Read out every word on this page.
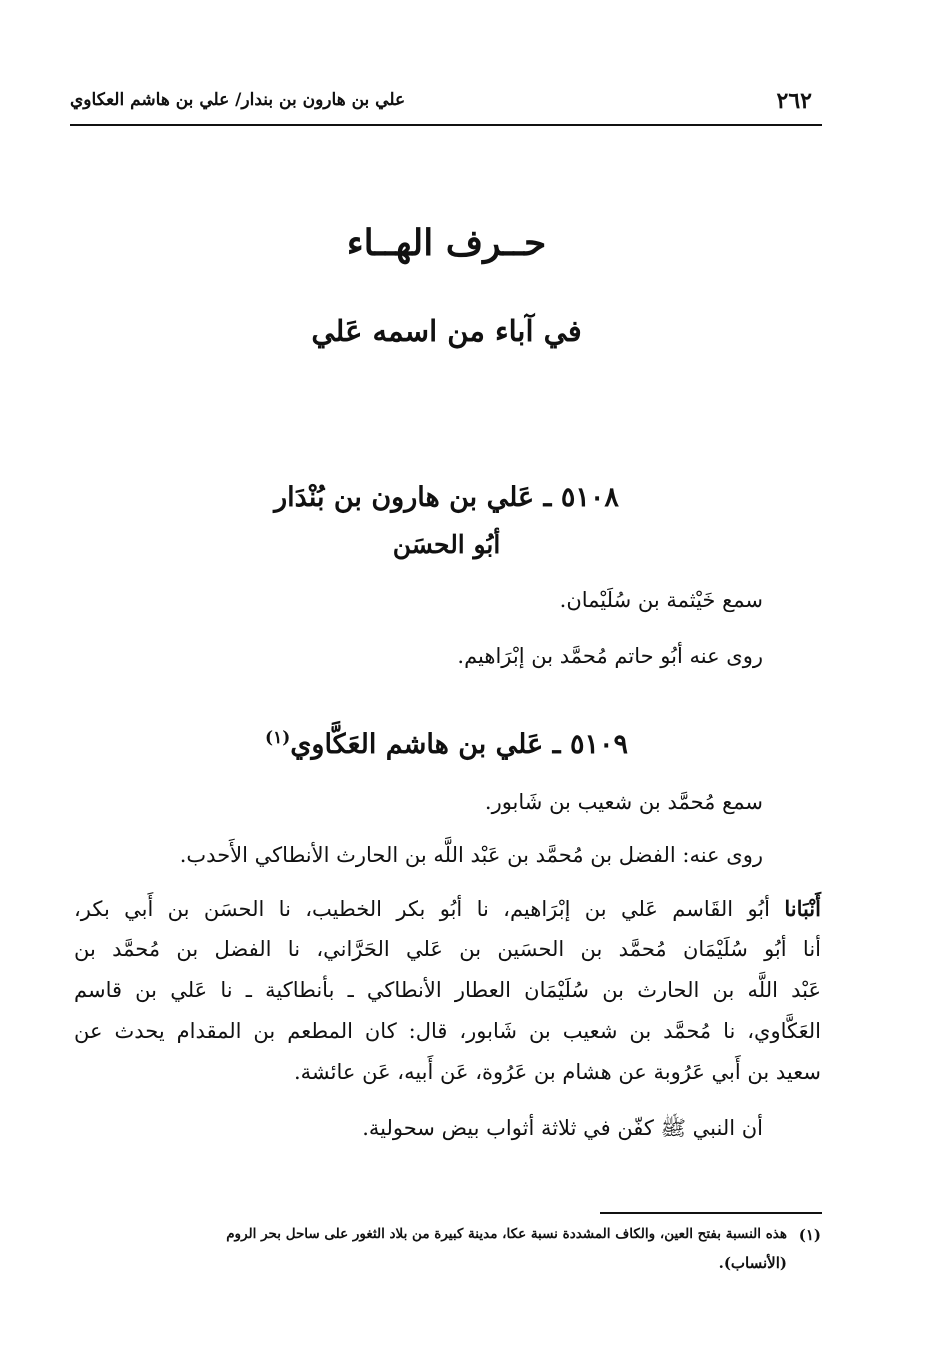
٢٦٢
علي بن هارون بن بندار/ علي بن هاشم العكاوي
حــرف الهــاء
في آباء من اسمه عَلي
٥١٠٨ ـ عَلي بن هارون بن بُنْدَار
أبُو الحسَن
سمع خَيْثمة بن سُلَيْمان.
روى عنه أبُو حاتم مُحمَّد بن إبْرَاهيم.
٥١٠٩ ـ عَلي بن هاشم العَكَّاوي$^{(١)}$
سمع مُحمَّد بن شعيب بن شَابور.
روى عنه: الفضل بن مُحمَّد بن عَبْد اللَّه بن الحارث الأنطاكي الأَحدب.
أَنْبَانا أبُو القَاسم عَلي بن إبْرَاهيم، نا أبُو بكر الخطيب، نا الحسَن بن أَبي بكر،
أنا أبُو سُلَيْمَان مُحمَّد بن الحسَين بن عَلي الحَرَّاني، نا الفضل بن مُحمَّد بن
عَبْد اللَّه بن الحارث بن سُلَيْمَان العطار الأنطاكي ـ بأنطاكية ـ نا عَلي بن قاسم
العَكَّاوي، نا مُحمَّد بن شعيب بن شَابور، قال: كان المطعم بن المقدام يحدث عن
سعيد بن أَبي عَرُوبة عن هشام بن عَرُوة، عَن أَبيه، عَن عائشة.
أن النبي ﷺ كفّن في ثلاثة أثواب بيض سحولية.
(١)
هذه النسبة بفتح العين، والكاف المشددة نسبة عكا، مدينة كبيرة من بلاد الثغور على ساحل بحر الروم
(الأنساب).
